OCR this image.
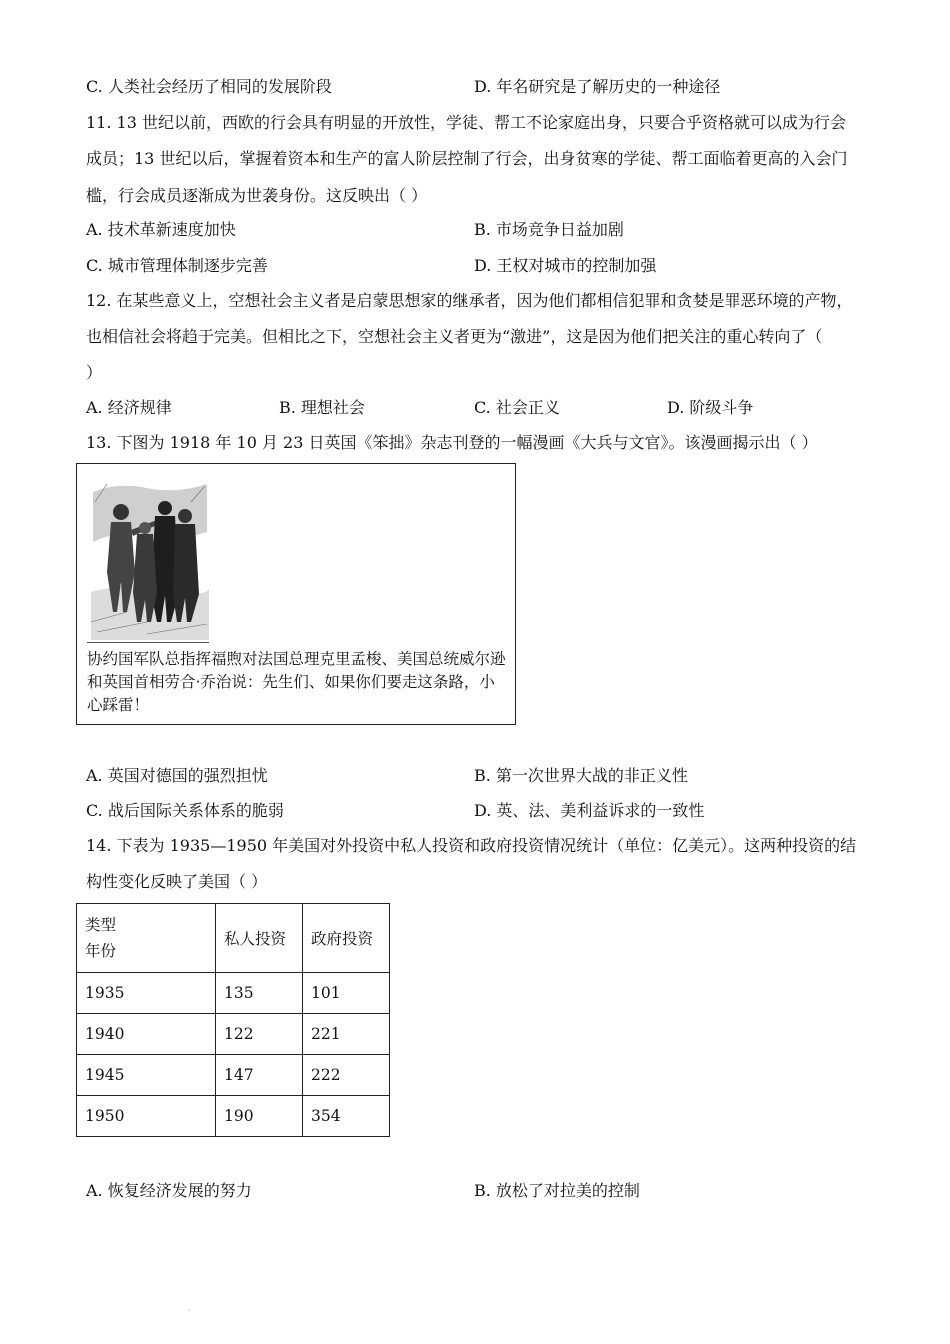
C. 人类社会经历了相同的发展阶段	D. 年名研究是了解历史的一种途径
11. 13 世纪以前，西欧的行会具有明显的开放性，学徒、帮工不论家庭出身，只要合乎资格就可以成为行会
成员；13 世纪以后，掌握着资本和生产的富人阶层控制了行会，出身贫寒的学徒、帮工面临着更高的入会门
槛，行会成员逐渐成为世袭身份。这反映出（ ）
A. 技术革新速度加快	B. 市场竞争日益加剧
C. 城市管理体制逐步完善	D. 王权对城市的控制加强
12. 在某些意义上，空想社会主义者是启蒙思想家的继承者，因为他们都相信犯罪和贪婪是罪恶环境的产物，
也相信社会将趋于完美。但相比之下，空想社会主义者更为“激进”，这是因为他们把关注的重心转向了（
）
A. 经济规律	B. 理想社会	C. 社会正义	D. 阶级斗争
13. 下图为 1918 年 10 月 23 日英国《笨拙》杂志刊登的一幅漫画《大兵与文官》。该漫画揭示出（ ）
协约国军队总指挥福煦对法国总理克里孟梭、美国总统威尔逊和英国首相劳合·乔治说：先生们、如果你们要走这条路，小心踩雷！
A. 英国对德国的强烈担忧	B. 第一次世界大战的非正义性
C. 战后国际关系体系的脆弱	D. 英、法、美利益诉求的一致性
14. 下表为 1935—1950 年美国对外投资中私人投资和政府投资情况统计（单位：亿美元）。这两种投资的结
构性变化反映了美国（ ）
类型
年份	私人投资	政府投资
1935	135	101
1940	122	221
1945	147	222
1950	190	354
A. 恢复经济发展的努力	B. 放松了对拉美的控制
·
